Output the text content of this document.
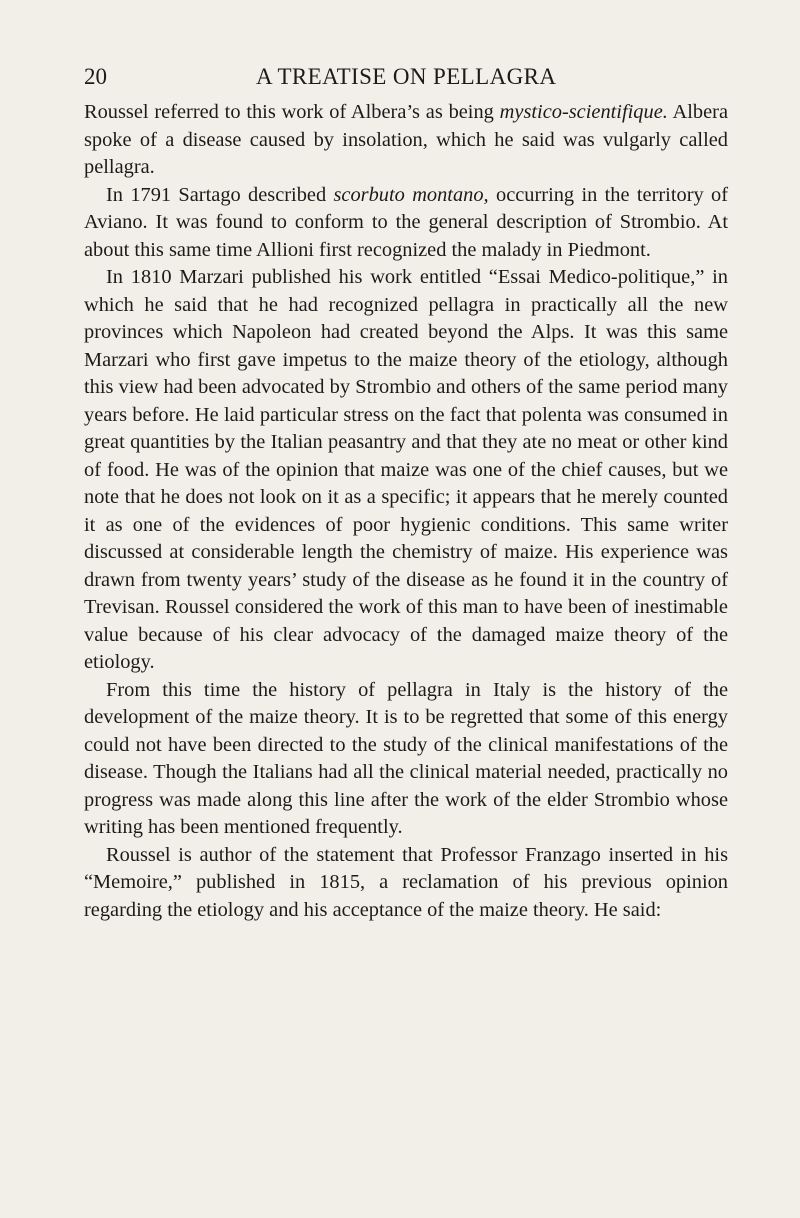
20	A TREATISE ON PELLAGRA

Roussel referred to this work of Albera’s as being mystico-scientifique. Albera spoke of a disease caused by insolation, which he said was vulgarly called pellagra.

In 1791 Sartago described scorbuto montano, occurring in the territory of Aviano. It was found to conform to the general description of Strombio. At about this same time Allioni first recognized the malady in Piedmont.

In 1810 Marzari published his work entitled “Essai Medico-politique,” in which he said that he had recognized pellagra in practically all the new provinces which Napoleon had created beyond the Alps. It was this same Marzari who first gave impetus to the maize theory of the etiology, although this view had been advocated by Strombio and others of the same period many years before. He laid particular stress on the fact that polenta was consumed in great quantities by the Italian peasantry and that they ate no meat or other kind of food. He was of the opinion that maize was one of the chief causes, but we note that he does not look on it as a specific; it appears that he merely counted it as one of the evidences of poor hygienic conditions. This same writer discussed at considerable length the chemistry of maize. His experience was drawn from twenty years’ study of the disease as he found it in the country of Trevisan. Roussel considered the work of this man to have been of inestimable value because of his clear advocacy of the damaged maize theory of the etiology.

From this time the history of pellagra in Italy is the history of the development of the maize theory. It is to be regretted that some of this energy could not have been directed to the study of the clinical manifestations of the disease. Though the Italians had all the clinical material needed, practically no progress was made along this line after the work of the elder Strombio whose writing has been mentioned frequently.

Roussel is author of the statement that Professor Franzago inserted in his “Memoire,” published in 1815, a reclamation of his previous opinion regarding the etiology and his acceptance of the maize theory. He said:
